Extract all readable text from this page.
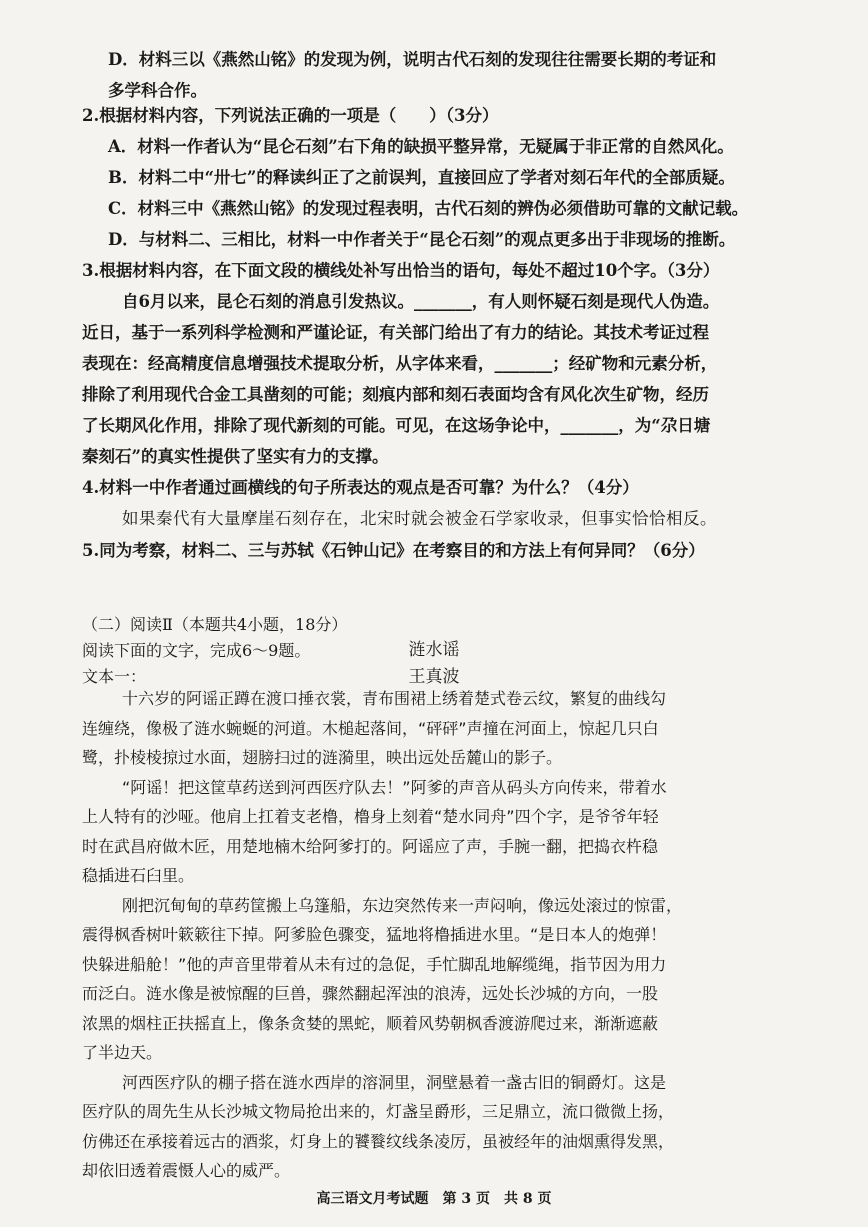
D．材料三以《燕然山铭》的发现为例，说明古代石刻的发现往往需要长期的考证和
多学科合作。
2.根据材料内容，下列说法正确的一项是（　　）（3分）
A．材料一作者认为“昆仑石刻”右下角的缺损平整异常，无疑属于非正常的自然风化。
B．材料二中“卅七”的释读纠正了之前误判，直接回应了学者对刻石年代的全部质疑。
C．材料三中《燕然山铭》的发现过程表明，古代石刻的辨伪必须借助可靠的文献记载。
D．与材料二、三相比，材料一中作者关于“昆仑石刻”的观点更多出于非现场的推断。
3.根据材料内容，在下面文段的横线处补写出恰当的语句，每处不超过10个字。（3分）
自6月以来，昆仑石刻的消息引发热议。_______，有人则怀疑石刻是现代人伪造。
近日，基于一系列科学检测和严谨论证，有关部门给出了有力的结论。其技术考证过程
表现在：经高精度信息增强技术提取分析，从字体来看，_______；经矿物和元素分析，
排除了利用现代合金工具凿刻的可能；刻痕内部和刻石表面均含有风化次生矿物，经历
了长期风化作用，排除了现代新刻的可能。可见，在这场争论中，_______，为“尕日塘
秦刻石”的真实性提供了坚实有力的支撑。
4.材料一中作者通过画横线的句子所表达的观点是否可靠？为什么？（4分）
如果秦代有大量摩崖石刻存在，北宋时就会被金石学家收录，但事实恰恰相反。
5.同为考察，材料二、三与苏轼《石钟山记》在考察目的和方法上有何异同？（6分）
（二）阅读Ⅱ（本题共4小题，18分）
阅读下面的文字，完成6～9题。
文本一：
涟水谣
王真波
十六岁的阿谣正蹲在渡口捶衣裳，青布围裙上绣着楚式卷云纹，繁复的曲线勾
连缠绕，像极了涟水蜿蜒的河道。木槌起落间，“砰砰”声撞在河面上，惊起几只白
鹭，扑棱棱掠过水面，翅膀扫过的涟漪里，映出远处岳麓山的影子。
“阿谣！把这筐草药送到河西医疗队去！”阿爹的声音从码头方向传来，带着水
上人特有的沙哑。他肩上扛着支老橹，橹身上刻着“楚水同舟”四个字，是爷爷年轻
时在武昌府做木匠，用楚地楠木给阿爹打的。阿谣应了声，手腕一翻，把捣衣杵稳
稳插进石臼里。
刚把沉甸甸的草药筐搬上乌篷船，东边突然传来一声闷响，像远处滚过的惊雷，
震得枫香树叶簌簌往下掉。阿爹脸色骤变，猛地将橹插进水里。“是日本人的炮弹！
快躲进船舱！”他的声音里带着从未有过的急促，手忙脚乱地解缆绳，指节因为用力
而泛白。涟水像是被惊醒的巨兽，骤然翻起浑浊的浪涛，远处长沙城的方向，一股
浓黑的烟柱正扶摇直上，像条贪婪的黑蛇，顺着风势朝枫香渡游爬过来，渐渐遮蔽
了半边天。
河西医疗队的棚子搭在涟水西岸的溶洞里，洞壁悬着一盏古旧的铜爵灯。这是
医疗队的周先生从长沙城文物局抢出来的，灯盏呈爵形，三足鼎立，流口微微上扬，
仿佛还在承接着远古的酒浆，灯身上的饕餮纹线条凌厉，虽被经年的油烟熏得发黑，
却依旧透着震慑人心的威严。
高三语文月考试题　第 3 页　共 8 页
